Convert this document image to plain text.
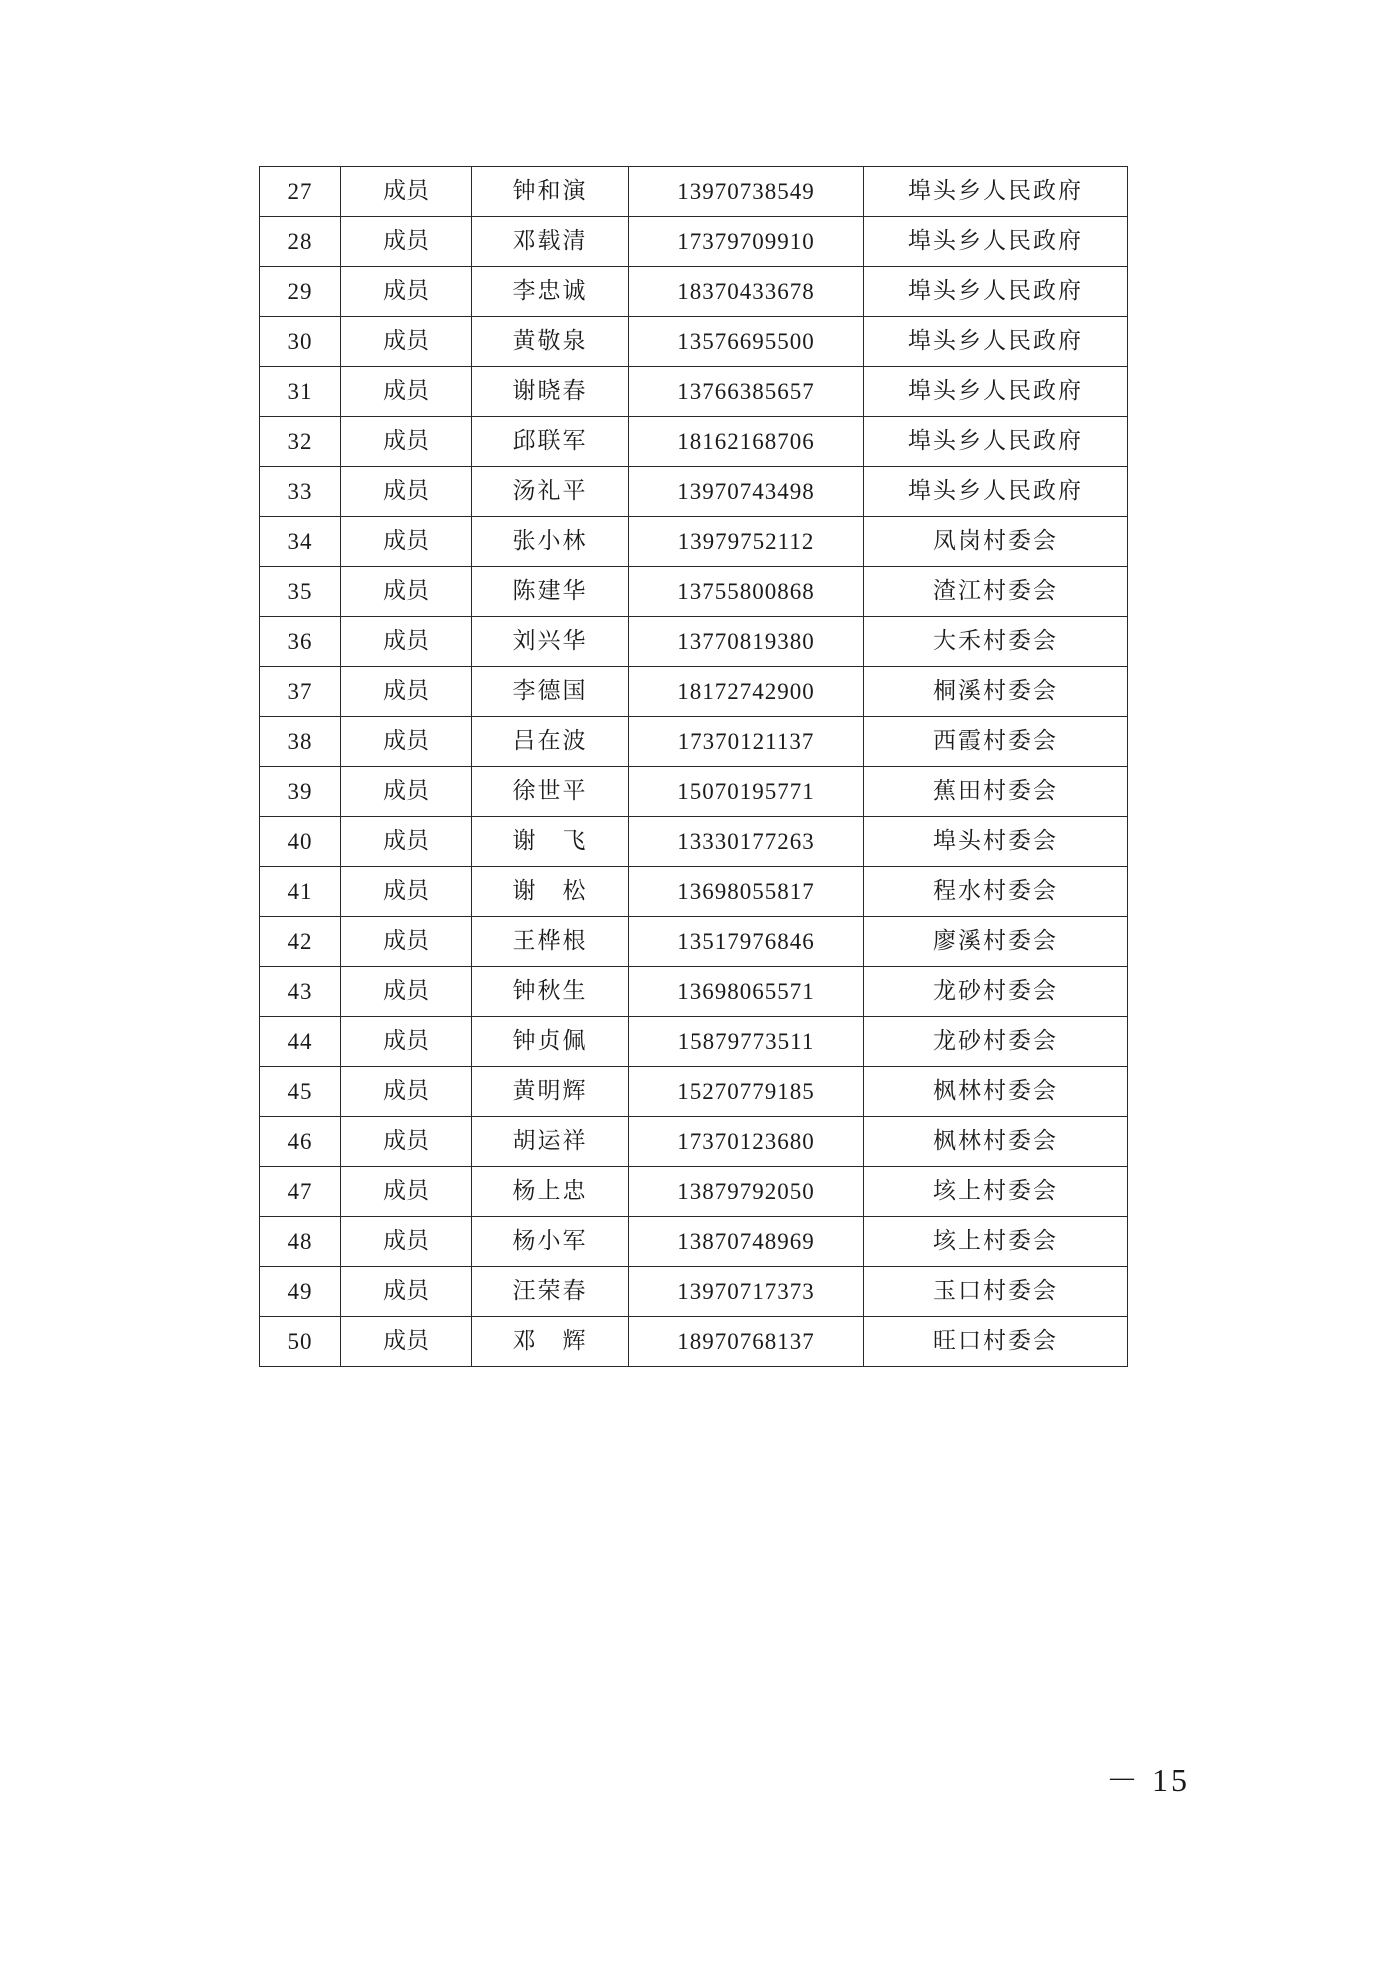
27	成员	钟和演	13970738549	埠头乡人民政府
28	成员	邓载清	17379709910	埠头乡人民政府
29	成员	李忠诚	18370433678	埠头乡人民政府
30	成员	黄敬泉	13576695500	埠头乡人民政府
31	成员	谢晓春	13766385657	埠头乡人民政府
32	成员	邱联军	18162168706	埠头乡人民政府
33	成员	汤礼平	13970743498	埠头乡人民政府
34	成员	张小林	13979752112	凤岗村委会
35	成员	陈建华	13755800868	渣江村委会
36	成员	刘兴华	13770819380	大禾村委会
37	成员	李德国	18172742900	桐溪村委会
38	成员	吕在波	17370121137	西霞村委会
39	成员	徐世平	15070195771	蕉田村委会
40	成员	谢　飞	13330177263	埠头村委会
41	成员	谢　松	13698055817	程水村委会
42	成员	王桦根	13517976846	廖溪村委会
43	成员	钟秋生	13698065571	龙砂村委会
44	成员	钟贞佩	15879773511	龙砂村委会
45	成员	黄明辉	15270779185	枫林村委会
46	成员	胡运祥	17370123680	枫林村委会
47	成员	杨上忠	13879792050	垓上村委会
48	成员	杨小军	13870748969	垓上村委会
49	成员	汪荣春	13970717373	玉口村委会
50	成员	邓　辉	18970768137	旺口村委会
－ 15
